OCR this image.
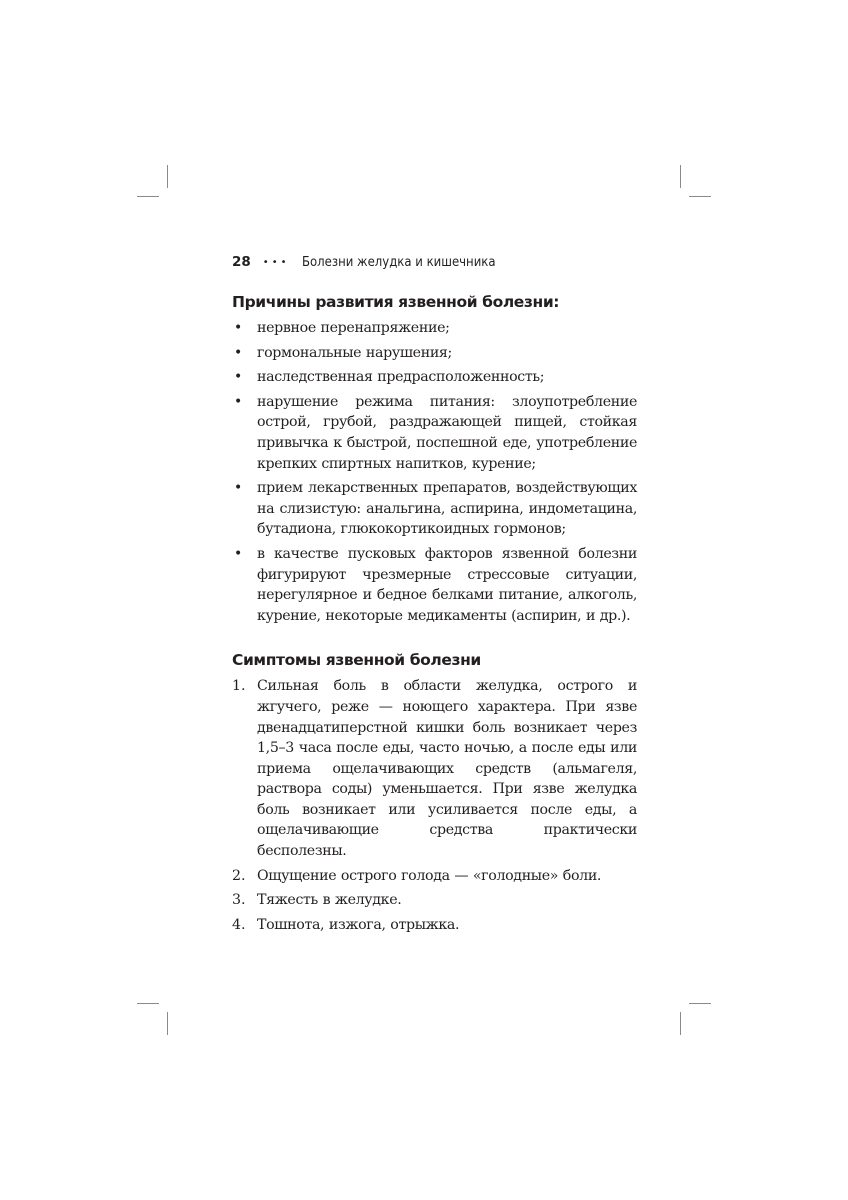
28 ••• Болезни желудка и кишечника
Причины развития язвенной болезни:
• нервное перенапряжение;
• гормональные нарушения;
• наследственная предрасположенность;
• нарушение режима питания: злоупотребление острой, грубой, раздражающей пищей, стойкая привычка к быстрой, поспешной еде, употребление крепких спиртных напитков, курение;
• прием лекарственных препаратов, воздействующих на слизистую: анальгина, аспирина, индометацина, бутадиона, глюкокортикоидных гормонов;
• в качестве пусковых факторов язвенной болезни фигурируют чрезмерные стрессовые ситуации, нерегулярное и бедное белками питание, алкоголь, курение, некоторые медикаменты (аспирин, и др.).
Симптомы язвенной болезни
1. Сильная боль в области желудка, острого и жгучего, реже — ноющего характера. При язве двенадцатиперстной кишки боль возникает через 1,5–3 часа после еды, часто ночью, а после еды или приема ощелачивающих средств (альмагеля, раствора соды) уменьшается. При язве желудка боль возникает или усиливается после еды, а ощелачивающие средства практически бесполезны.
2. Ощущение острого голода — «голодные» боли.
3. Тяжесть в желудке.
4. Тошнота, изжога, отрыжка.
